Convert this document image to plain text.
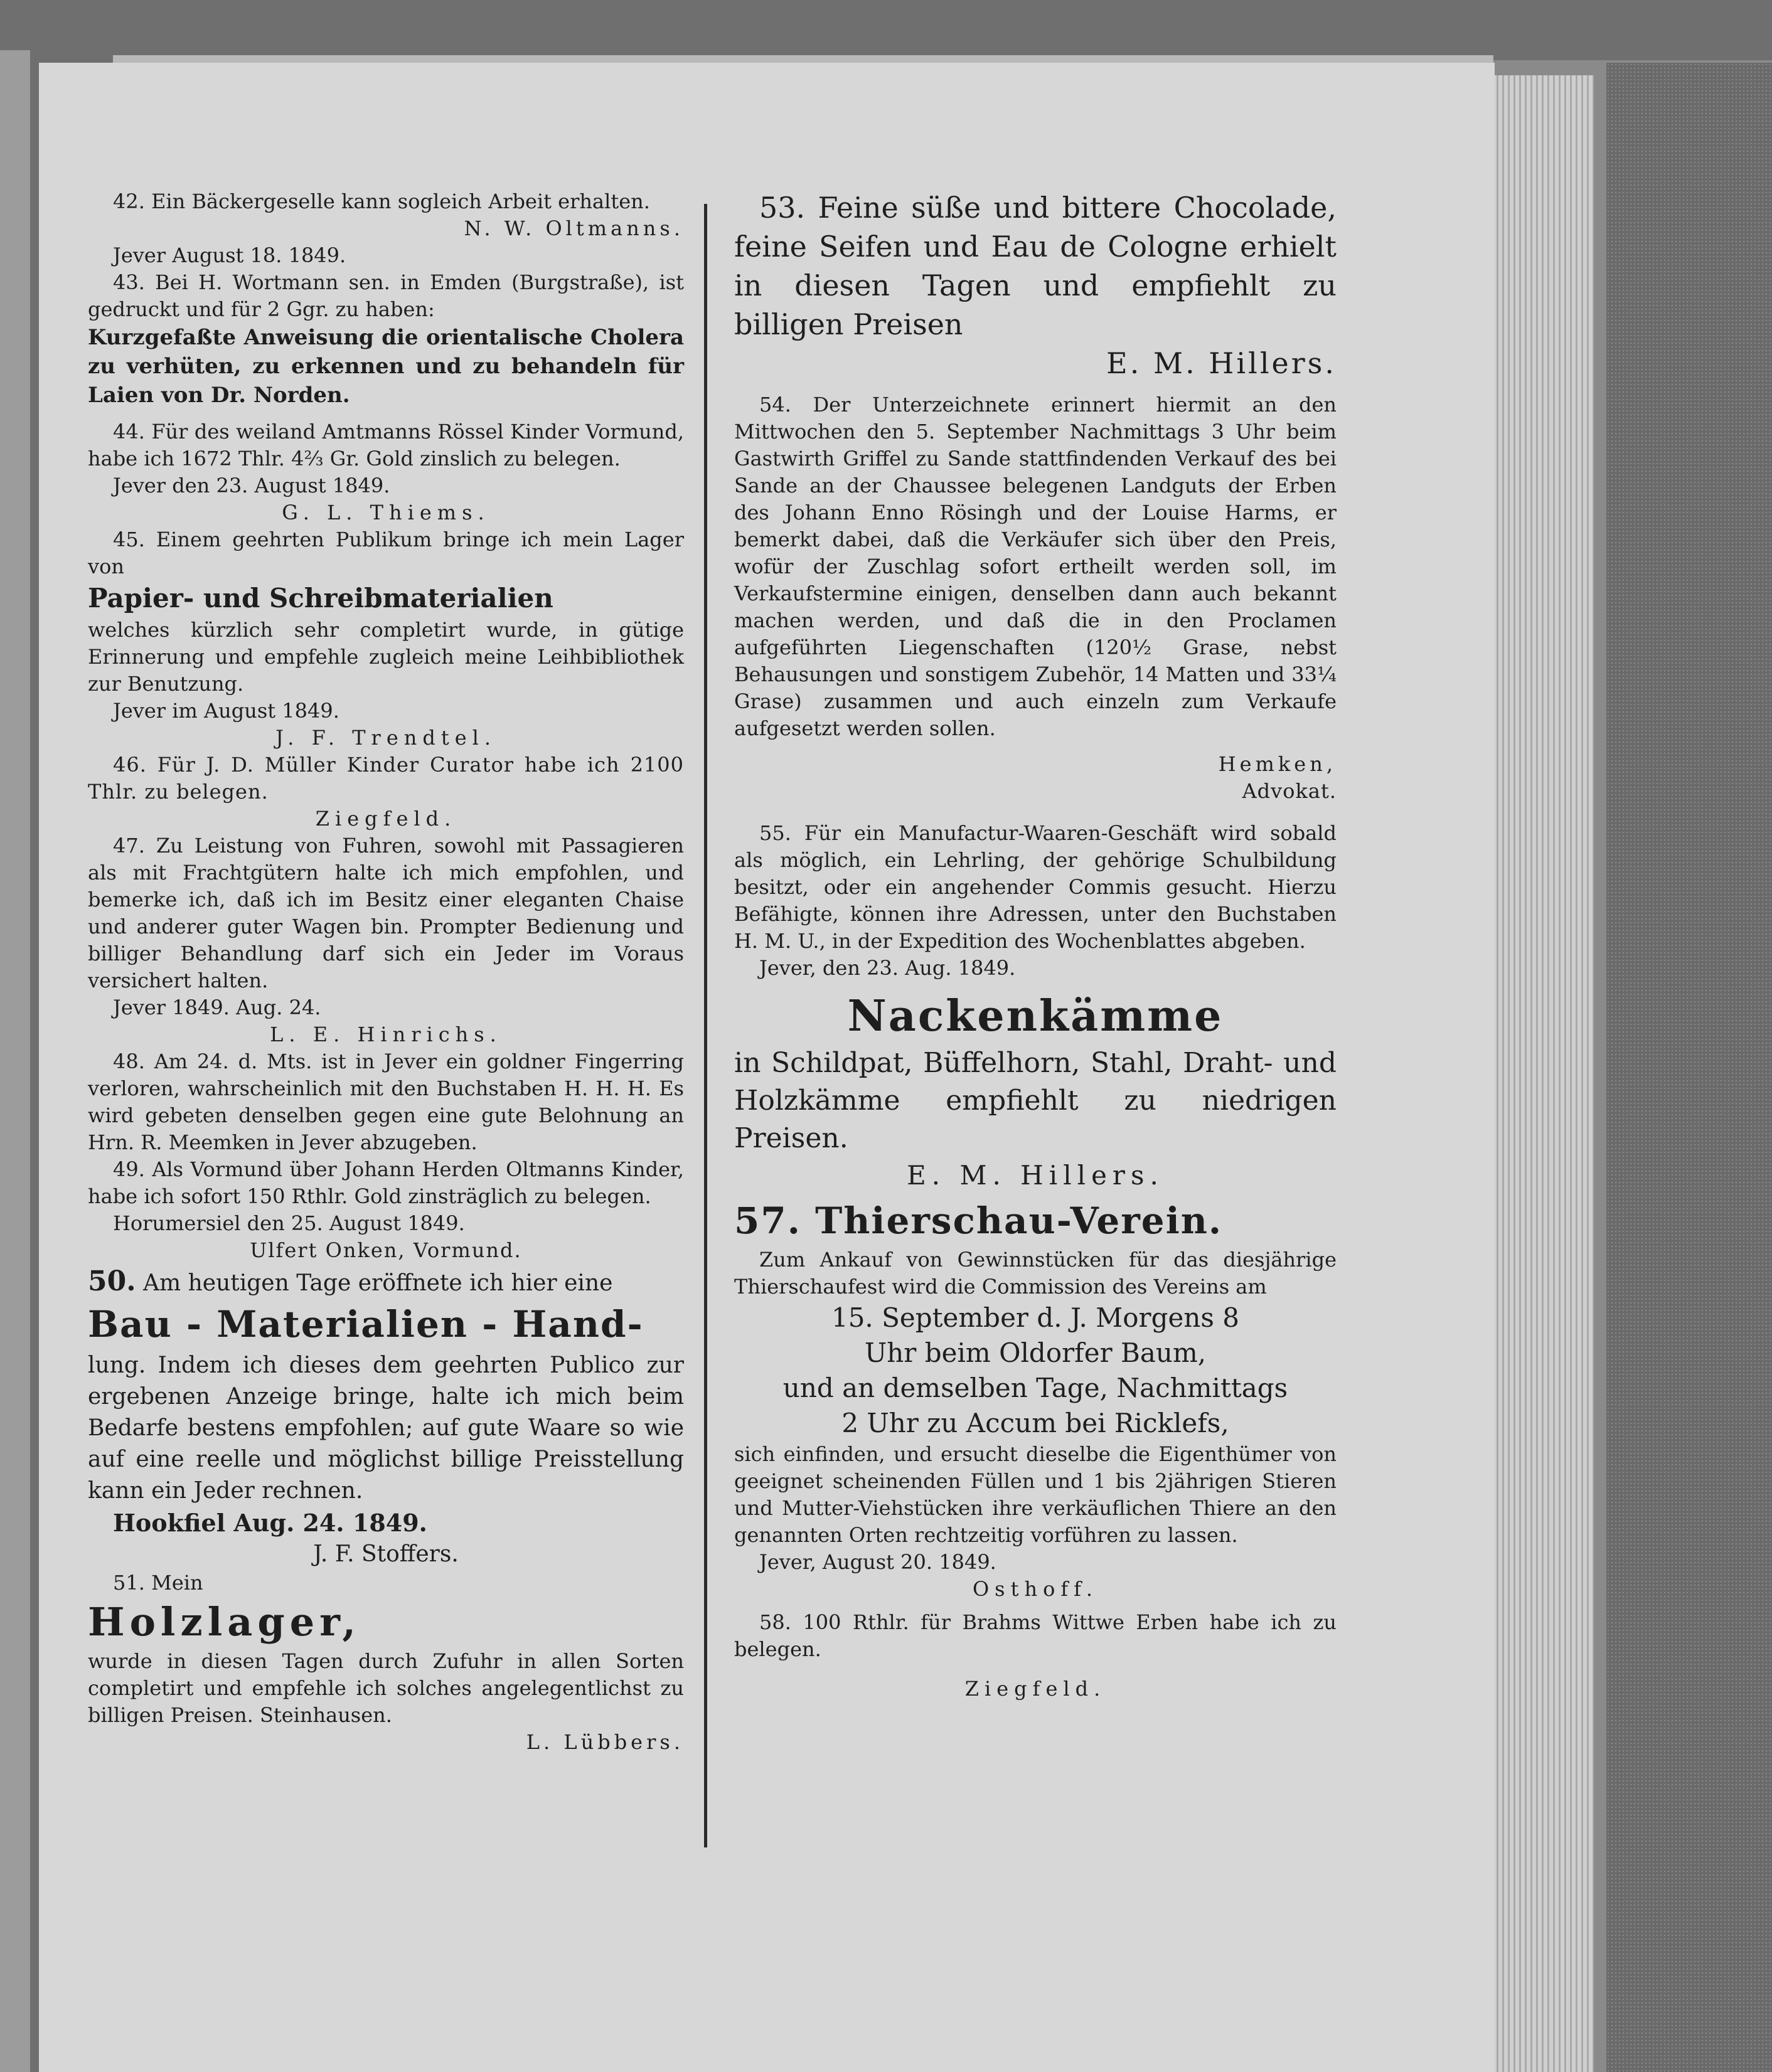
42. Ein Bäckergeselle kann sogleich Arbeit erhalten.

N. W. Oltmanns.

Jever August 18. 1849.

43. Bei H. Wortmann sen. in Emden (Burgstraße), ist gedruckt und für 2 Ggr. zu haben:

Kurzgefaßte Anweisung die orientalische Cholera zu verhüten, zu erkennen und zu behandeln für Laien von Dr. Norden.

44. Für des weiland Amtmanns Rössel Kinder Vormund, habe ich 1672 Thlr. 4⅔ Gr. Gold zinslich zu belegen.

Jever den 23. August 1849.

G. L. Thiems.

45. Einem geehrten Publikum bringe ich mein Lager von

Papier- und Schreibmaterialien

welches kürzlich sehr completirt wurde, in gütige Erinnerung und empfehle zugleich meine Leihbibliothek zur Benutzung.

Jever im August 1849.

J. F. Trendtel.

46. Für J. D. Müller Kinder Curator habe ich 2100 Thlr. zu belegen.

Ziegfeld.

47. Zu Leistung von Fuhren, sowohl mit Passagieren als mit Frachtgütern halte ich mich empfohlen, und bemerke ich, daß ich im Besitz einer eleganten Chaise und anderer guter Wagen bin. Prompter Bedienung und billiger Behandlung darf sich ein Jeder im Voraus versichert halten.

Jever 1849. Aug. 24.

L. E. Hinrichs.

48. Am 24. d. Mts. ist in Jever ein goldner Fingerring verloren, wahrscheinlich mit den Buchstaben H. H. H. Es wird gebeten denselben gegen eine gute Belohnung an Hrn. R. Meemken in Jever abzugeben.

49. Als Vormund über Johann Herden Oltmanns Kinder, habe ich sofort 150 Rthlr. Gold zinsträglich zu belegen.

Horumersiel den 25. August 1849.

Ulfert Onken, Vormund.

50. Am heutigen Tage eröffnete ich hier eine

Bau - Materialien - Hand-

lung. Indem ich dieses dem geehrten Publico zur ergebenen Anzeige bringe, halte ich mich beim Bedarfe bestens empfohlen; auf gute Waare so wie auf eine reelle und möglichst billige Preisstellung kann ein Jeder rechnen.

Hookfiel Aug. 24. 1849.

J. F. Stoffers.

51. Mein

Holzlager,

wurde in diesen Tagen durch Zufuhr in allen Sorten completirt und empfehle ich solches angelegentlichst zu billigen Preisen. Steinhausen.

L. Lübbers.

53. Feine süße und bittere Chocolade, feine Seifen und Eau de Cologne erhielt in diesen Tagen und empfiehlt zu billigen Preisen

E. M. Hillers.

54. Der Unterzeichnete erinnert hiermit an den Mittwochen den 5. September Nachmittags 3 Uhr beim Gastwirth Griffel zu Sande stattfindenden Verkauf des bei Sande an der Chaussee belegenen Landguts der Erben des Johann Enno Rösingh und der Louise Harms, er bemerkt dabei, daß die Verkäufer sich über den Preis, wofür der Zuschlag sofort ertheilt werden soll, im Verkaufstermine einigen, denselben dann auch bekannt machen werden, und daß die in den Proclamen aufgeführten Liegenschaften (120½ Grase, nebst Behausungen und sonstigem Zubehör, 14 Matten und 33¼ Grase) zusammen und auch einzeln zum Verkaufe aufgesetzt werden sollen.

Hemken,

Advokat.

55. Für ein Manufactur-Waaren-Geschäft wird sobald als möglich, ein Lehrling, der gehörige Schulbildung besitzt, oder ein angehender Commis gesucht. Hierzu Befähigte, können ihre Adressen, unter den Buchstaben H. M. U., in der Expedition des Wochenblattes abgeben.

Jever, den 23. Aug. 1849.

Nackenkämme

in Schildpat, Büffelhorn, Stahl, Draht- und Holzkämme empfiehlt zu niedrigen Preisen.

E. M. Hillers.

57. Thierschau-Verein.

Zum Ankauf von Gewinnstücken für das diesjährige Thierschaufest wird die Commission des Vereins am

15. September d. J. Morgens 8

Uhr beim Oldorfer Baum,

und an demselben Tage, Nachmittags

2 Uhr zu Accum bei Ricklefs,

sich einfinden, und ersucht dieselbe die Eigenthümer von geeignet scheinenden Füllen und 1 bis 2jährigen Stieren und Mutter-Viehstücken ihre verkäuflichen Thiere an den genannten Orten rechtzeitig vorführen zu lassen.

Jever, August 20. 1849.

Osthoff.

58. 100 Rthlr. für Brahms Wittwe Erben habe ich zu belegen.

Ziegfeld.
